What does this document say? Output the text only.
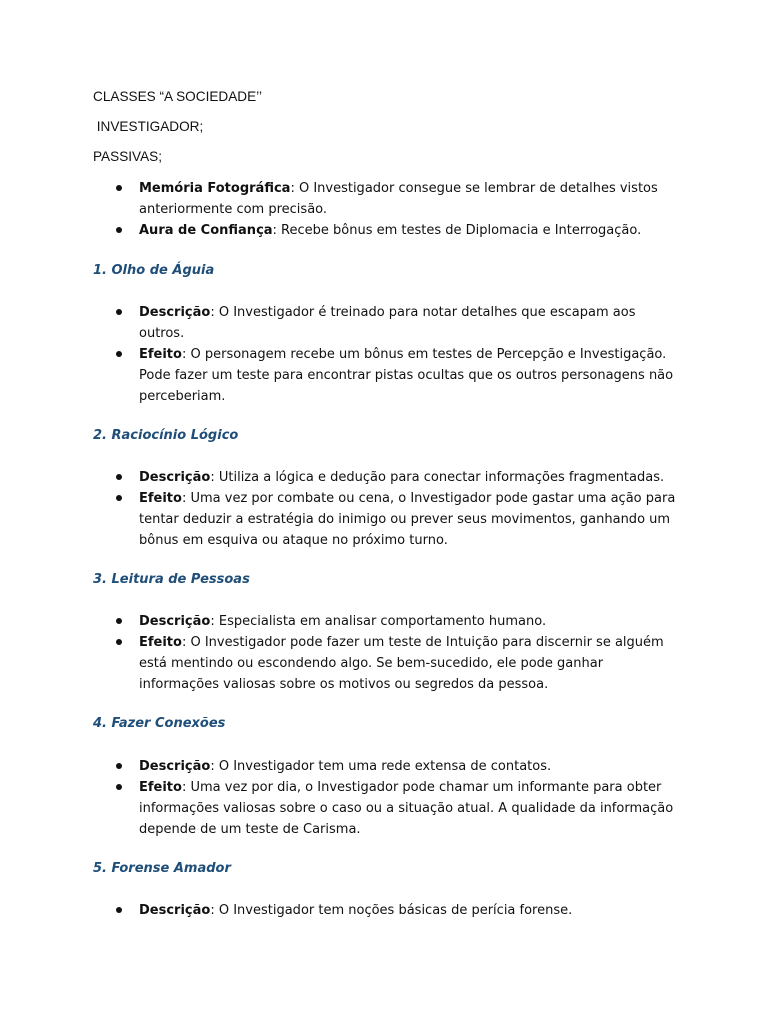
CLASSES “A SOCIEDADE’’

INVESTIGADOR;

PASSIVAS;

Memória Fotográfica: O Investigador consegue se lembrar de detalhes vistos anteriormente com precisão.
Aura de Confiança: Recebe bônus em testes de Diplomacia e Interrogação.

1. Olho de Águia

Descrição: O Investigador é treinado para notar detalhes que escapam aos outros.
Efeito: O personagem recebe um bônus em testes de Percepção e Investigação. Pode fazer um teste para encontrar pistas ocultas que os outros personagens não perceberiam.

2. Raciocínio Lógico

Descrição: Utiliza a lógica e dedução para conectar informações fragmentadas.
Efeito: Uma vez por combate ou cena, o Investigador pode gastar uma ação para tentar deduzir a estratégia do inimigo ou prever seus movimentos, ganhando um bônus em esquiva ou ataque no próximo turno.

3. Leitura de Pessoas

Descrição: Especialista em analisar comportamento humano.
Efeito: O Investigador pode fazer um teste de Intuição para discernir se alguém está mentindo ou escondendo algo. Se bem-sucedido, ele pode ganhar informações valiosas sobre os motivos ou segredos da pessoa.

4. Fazer Conexões

Descrição: O Investigador tem uma rede extensa de contatos.
Efeito: Uma vez por dia, o Investigador pode chamar um informante para obter informações valiosas sobre o caso ou a situação atual. A qualidade da informação depende de um teste de Carisma.

5. Forense Amador

Descrição: O Investigador tem noções básicas de perícia forense.
